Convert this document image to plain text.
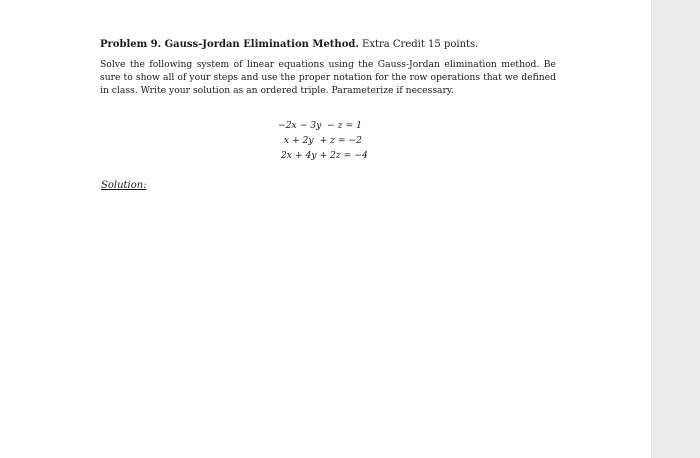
Problem 9. Gauss-Jordan Elimination Method. Extra Credit 15 points.
Solve the following system of linear equations using the Gauss-Jordan elimination method. Be sure to show all of your steps and use the proper notation for the row operations that we defined in class. Write your solution as an ordered triple. Parameterize if necessary.
−2x − 3y  − z = 1
x + 2y  + z = −2
2x + 4y + 2z = −4
Solution:
